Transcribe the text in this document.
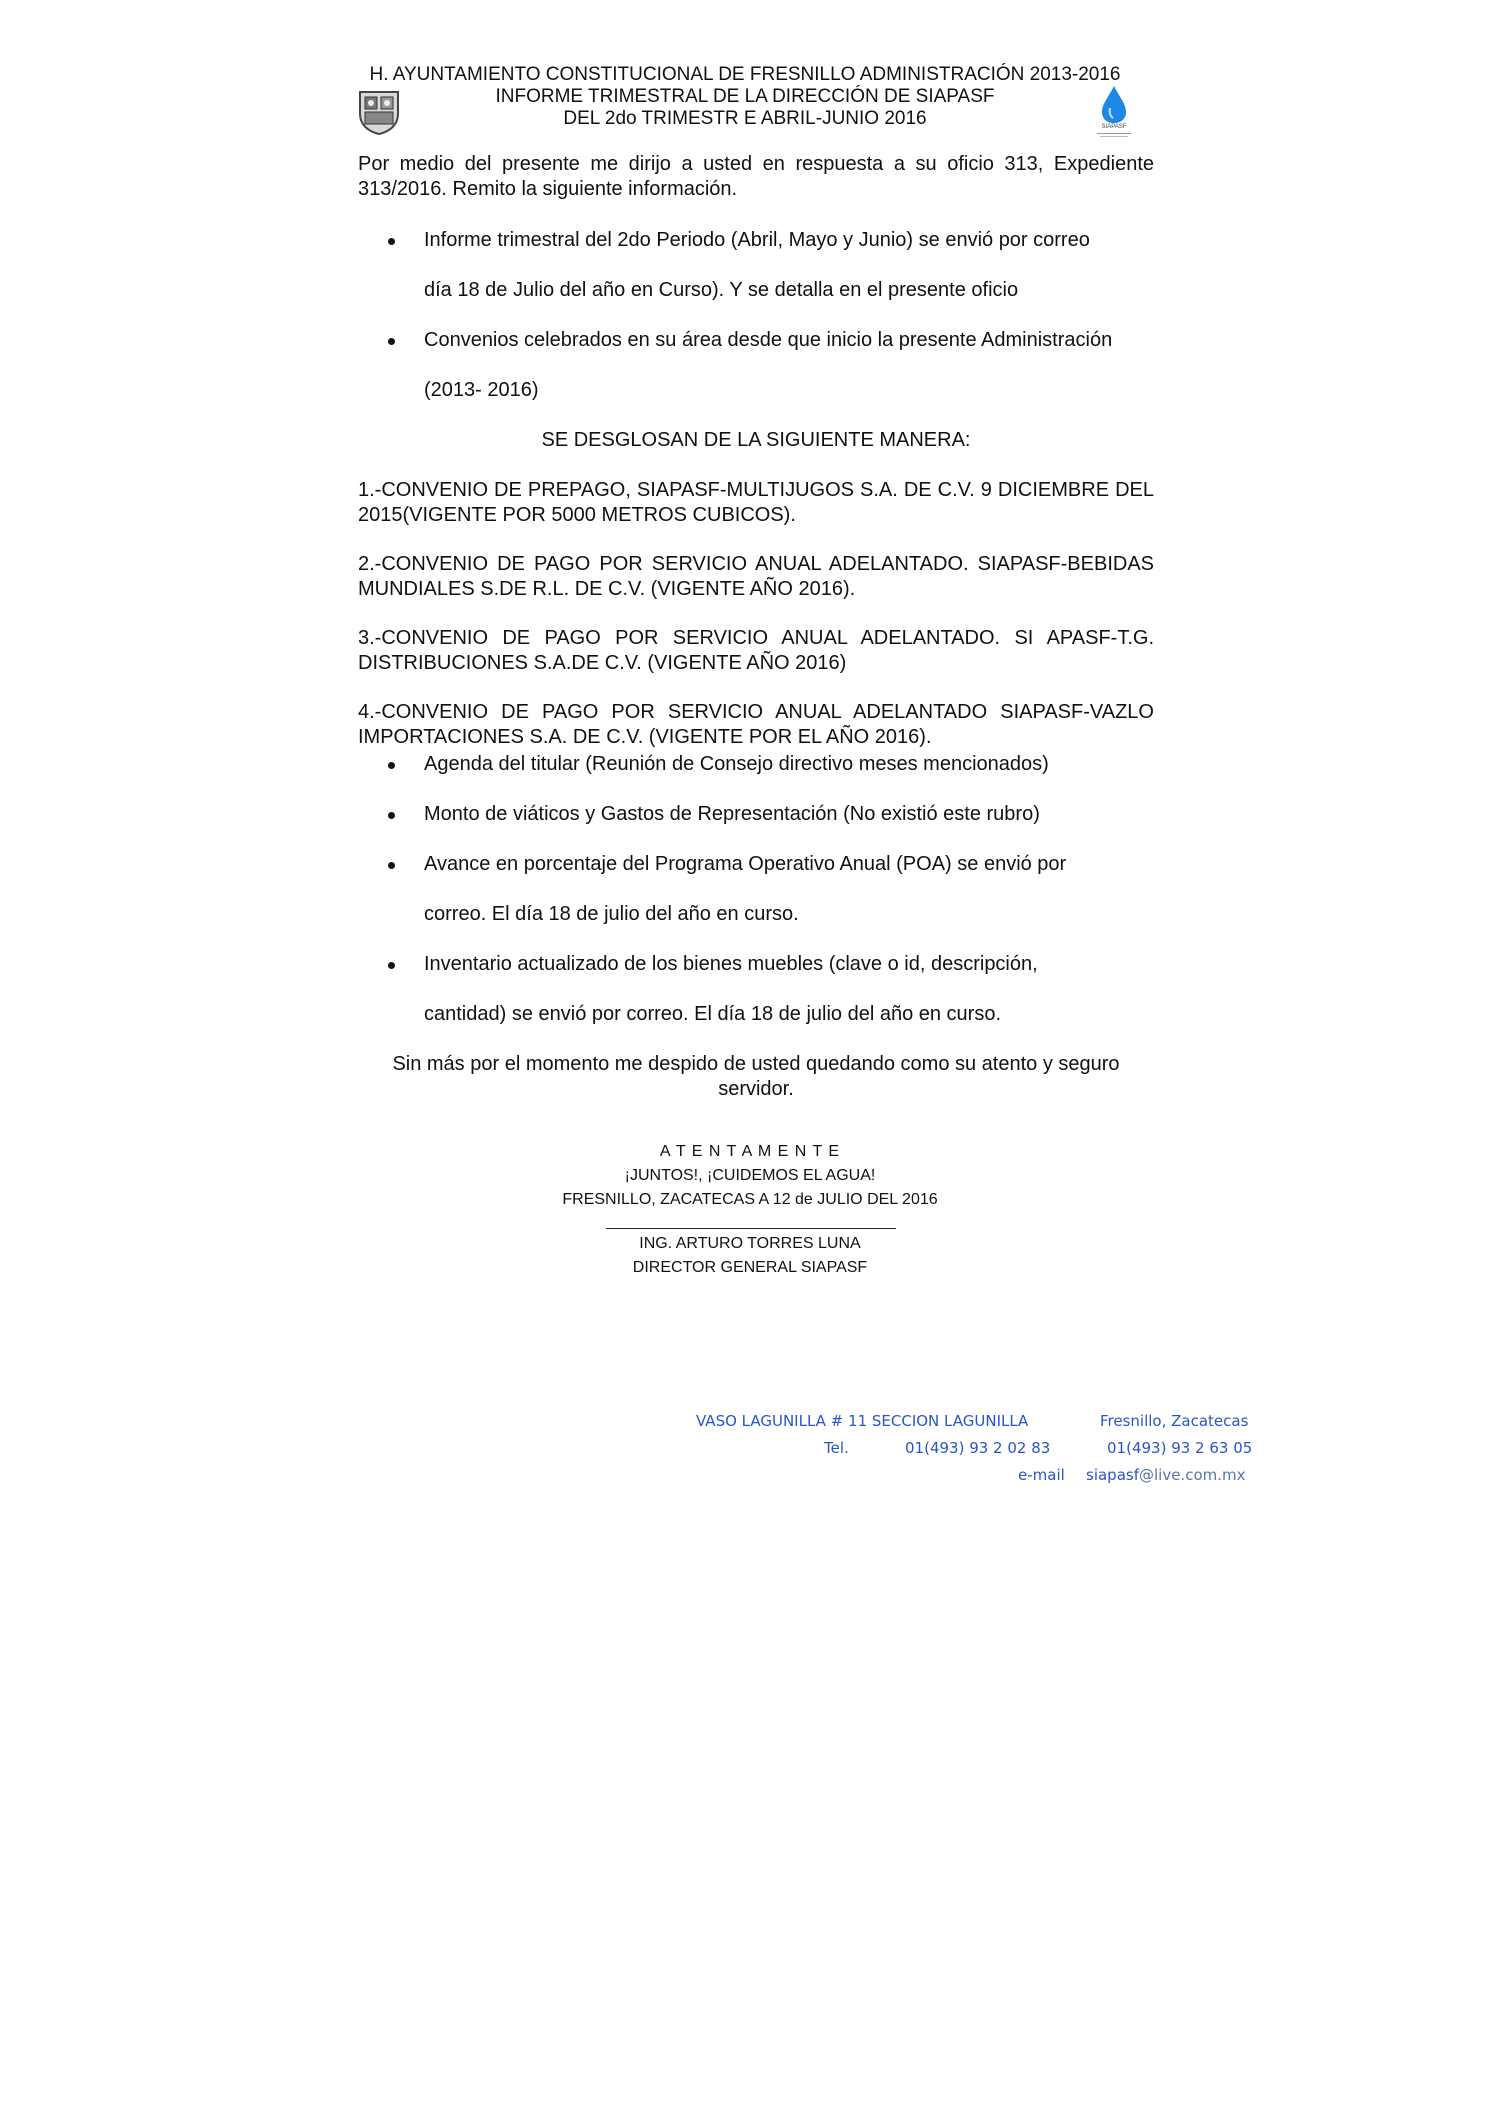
SIAPASF
H. AYUNTAMIENTO CONSTITUCIONAL DE FRESNILLO ADMINISTRACIÓN 2013-2016
INFORME TRIMESTRAL DE LA DIRECCIÓN DE SIAPASF
DEL 2do TRIMESTR E ABRIL-JUNIO 2016
Por medio del presente me dirijo a usted en respuesta a su oficio 313, Expediente 313/2016. Remito la siguiente información.
Informe trimestral del 2do Periodo (Abril, Mayo y Junio) se envió por correo
día 18 de Julio del año en Curso). Y se detalla en el presente oficio
Convenios celebrados en su área desde que inicio la presente Administración
(2013- 2016)
SE DESGLOSAN DE LA SIGUIENTE MANERA:
1.-CONVENIO DE PREPAGO, SIAPASF-MULTIJUGOS S.A. DE C.V. 9 DICIEMBRE DEL 2015(VIGENTE POR 5000 METROS CUBICOS).
2.-CONVENIO DE PAGO POR SERVICIO ANUAL ADELANTADO. SIAPASF-BEBIDAS MUNDIALES S.DE R.L. DE C.V. (VIGENTE AÑO 2016).
3.-CONVENIO DE PAGO POR SERVICIO ANUAL ADELANTADO. SI APASF-T.G. DISTRIBUCIONES S.A.DE C.V. (VIGENTE AÑO 2016)
4.-CONVENIO DE PAGO POR SERVICIO ANUAL ADELANTADO SIAPASF-VAZLO IMPORTACIONES S.A. DE C.V. (VIGENTE POR EL AÑO 2016).
Agenda del titular (Reunión de Consejo directivo meses mencionados)
Monto de viáticos y Gastos de Representación (No existió este rubro)
Avance en porcentaje del Programa Operativo Anual (POA) se envió por
correo. El día 18 de julio del año en curso.
Inventario actualizado de los bienes muebles (clave o id, descripción,
cantidad) se envió por correo. El día 18 de julio del año en curso.
Sin más por el momento me despido de usted quedando como su atento y seguro servidor.
A T E N T A M E N T E
¡JUNTOS!, ¡CUIDEMOS EL AGUA!
FRESNILLO, ZACATECAS A 12 de JULIO DEL 2016
ING. ARTURO TORRES LUNA
DIRECTOR GENERAL SIAPASF
VASO LAGUNILLA # 11 SECCION LAGUNILLA	Fresnillo, Zacatecas
Tel.	01(493) 93 2 02 83	01(493) 93 2 63 05
e-mail siapasf@live.com.mx
